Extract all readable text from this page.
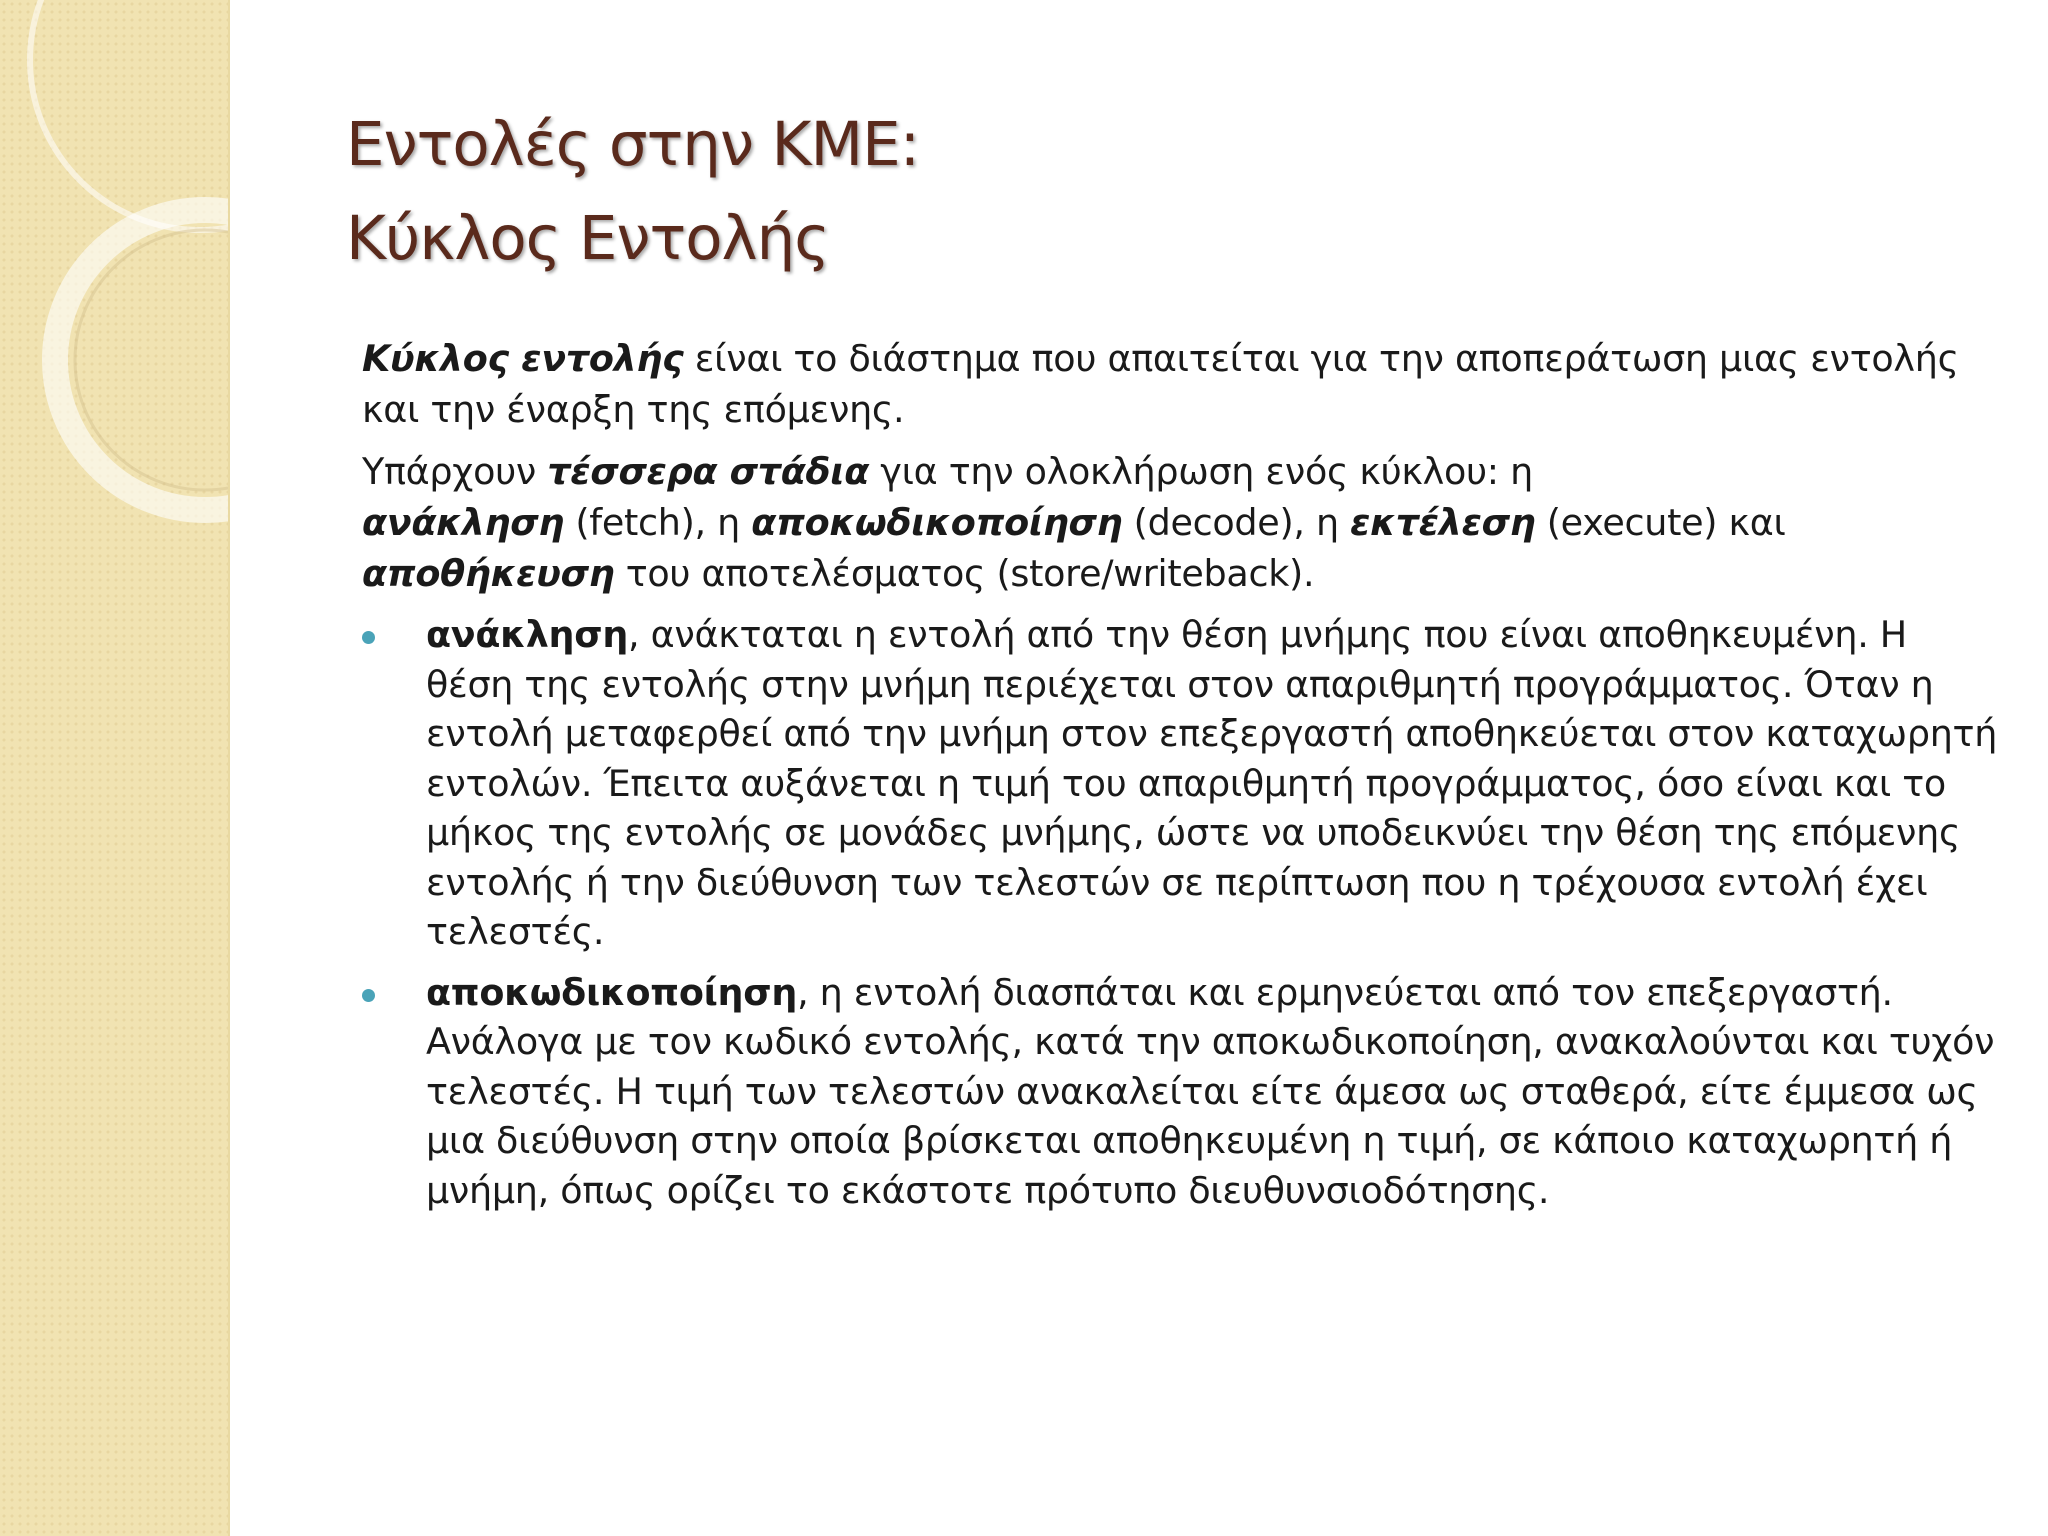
Εντολές στην ΚΜΕ:
Κύκλος Εντολής

Κύκλος εντολής είναι το διάστημα που απαιτείται για την αποπεράτωση μιας εντολής και την έναρξη της επόμενης.

Υπάρχουν τέσσερα στάδια για την ολοκλήρωση ενός κύκλου: η
ανάκληση (fetch), η αποκωδικοποίηση (decode), η εκτέλεση (execute) και αποθήκευση του αποτελέσματος (store/writeback).

ανάκληση, ανάκταται η εντολή από την θέση μνήμης που είναι αποθηκευμένη. Η θέση της εντολής στην μνήμη περιέχεται στον απαριθμητή προγράμματος. Όταν η εντολή μεταφερθεί από την μνήμη στον επεξεργαστή αποθηκεύεται στον καταχωρητή εντολών. Έπειτα αυξάνεται η τιμή του απαριθμητή προγράμματος, όσο είναι και το μήκος της εντολής σε μονάδες μνήμης, ώστε να υποδεικνύει την θέση της επόμενης εντολής ή την διεύθυνση των τελεστών σε περίπτωση που η τρέχουσα εντολή έχει τελεστές.
αποκωδικοποίηση, η εντολή διασπάται και ερμηνεύεται από τον επεξεργαστή. Ανάλογα με τον κωδικό εντολής, κατά την αποκωδικοποίηση, ανακαλούνται και τυχόν τελεστές. Η τιμή των τελεστών ανακαλείται είτε άμεσα ως σταθερά, είτε έμμεσα ως μια διεύθυνση στην οποία βρίσκεται αποθηκευμένη η τιμή, σε κάποιο καταχωρητή ή μνήμη, όπως ορίζει το εκάστοτε πρότυπο διευθυνσιοδότησης.
